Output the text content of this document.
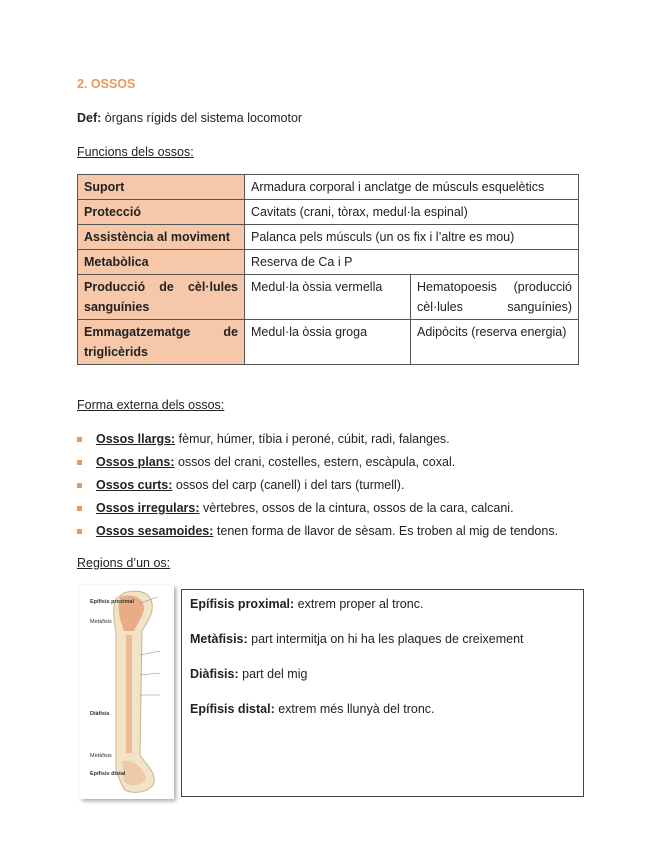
2. OSSOS
Def: òrgans rígids del sistema locomotor
Funcions dels ossos:
Suport	Armadura corporal i anclatge de músculs esquelètics	
Protecció	Cavitats (crani, tòrax, medul·la espinal)	
Assistència al moviment	Palanca pels músculs (un os fix i l’altre es mou)	
Metabòlica	Reserva de Ca i P	
Producció de cèl·lules sanguínies	Medul·la òssia vermella	Hematopoesis (producció cèl·lules sanguínies)
Emmagatzematge de triglicèrids	Medul·la òssia groga	Adipòcits (reserva energia)
Forma externa dels ossos:
Ossos llargs: fèmur, húmer, tíbia i peroné, cúbit, radi, falanges.
Ossos plans: ossos del crani, costelles, estern, escàpula, coxal.
Ossos curts: ossos del carp (canell) i del tars (turmell).
Ossos irregulars: vèrtebres, ossos de la cintura, ossos de la cara, calcani.
Ossos sesamoides: tenen forma de llavor de sèsam. Es troben al mig de tendons.
Regions d’un os:
Epífisis proximal
Metàfisis
Diàfisis
Metàfisis
Epífisis distal

Epífisis proximal: extrem proper al tronc.

Metàfisis: part intermitja on hi ha les plaques de creixement

Diàfisis: part del mig

Epífisis distal: extrem més llunyà del tronc.
